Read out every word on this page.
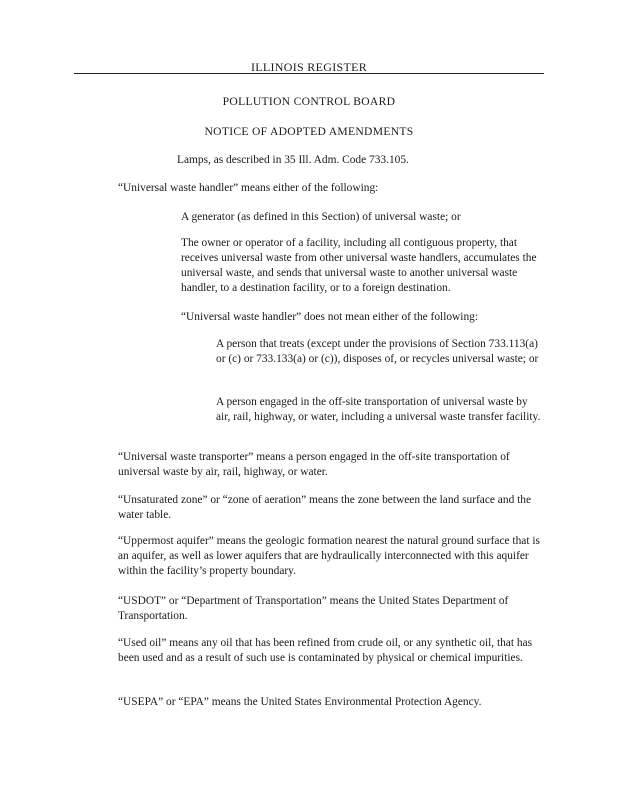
ILLINOIS REGISTER
POLLUTION CONTROL BOARD
NOTICE OF ADOPTED AMENDMENTS
Lamps, as described in 35 Ill. Adm. Code 733.105.
“Universal waste handler” means either of the following:
A generator (as defined in this Section) of universal waste; or
The owner or operator of a facility, including all contiguous property, that receives universal waste from other universal waste handlers, accumulates the universal waste, and sends that universal waste to another universal waste handler, to a destination facility, or to a foreign destination.
“Universal waste handler” does not mean either of the following:
A person that treats (except under the provisions of Section 733.113(a) or (c) or 733.133(a) or (c)), disposes of, or recycles universal waste; or
A person engaged in the off-site transportation of universal waste by air, rail, highway, or water, including a universal waste transfer facility.
“Universal waste transporter” means a person engaged in the off-site transportation of universal waste by air, rail, highway, or water.
“Unsaturated zone” or “zone of aeration” means the zone between the land surface and the water table.
“Uppermost aquifer” means the geologic formation nearest the natural ground surface that is an aquifer, as well as lower aquifers that are hydraulically interconnected with this aquifer within the facility’s property boundary.
“USDOT” or “Department of Transportation” means the United States Department of Transportation.
“Used oil” means any oil that has been refined from crude oil, or any synthetic oil, that has been used and as a result of such use is contaminated by physical or chemical impurities.
“USEPA” or “EPA” means the United States Environmental Protection Agency.
